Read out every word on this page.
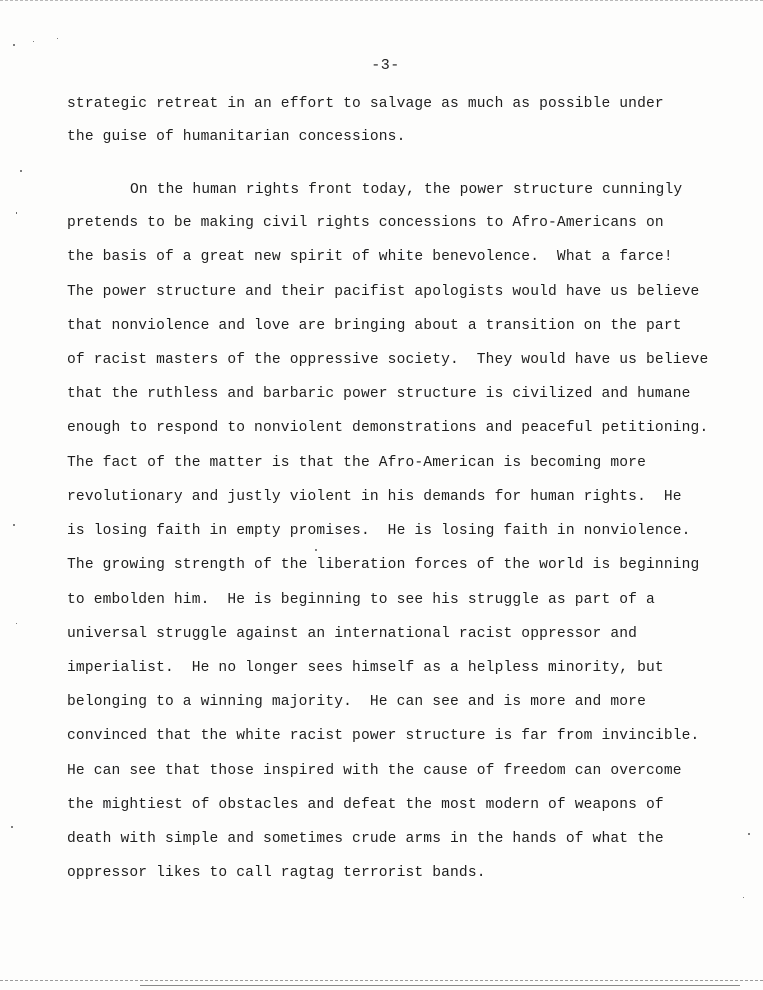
-3-
strategic retreat in an effort to salvage as much as possible under
the guise of humanitarian concessions.
On the human rights front today, the power structure cunningly
pretends to be making civil rights concessions to Afro-Americans on
the basis of a great new spirit of white benevolence.  What a farce!
The power structure and their pacifist apologists would have us believe
that nonviolence and love are bringing about a transition on the part
of racist masters of the oppressive society.  They would have us believe
that the ruthless and barbaric power structure is civilized and humane
enough to respond to nonviolent demonstrations and peaceful petitioning.
The fact of the matter is that the Afro-American is becoming more
revolutionary and justly violent in his demands for human rights.  He
is losing faith in empty promises.  He is losing faith in nonviolence.
The growing strength of the liberation forces of the world is beginning
to embolden him.  He is beginning to see his struggle as part of a
universal struggle against an international racist oppressor and
imperialist.  He no longer sees himself as a helpless minority, but
belonging to a winning majority.  He can see and is more and more
convinced that the white racist power structure is far from invincible.
He can see that those inspired with the cause of freedom can overcome
the mightiest of obstacles and defeat the most modern of weapons of
death with simple and sometimes crude arms in the hands of what the
oppressor likes to call ragtag terrorist bands.
